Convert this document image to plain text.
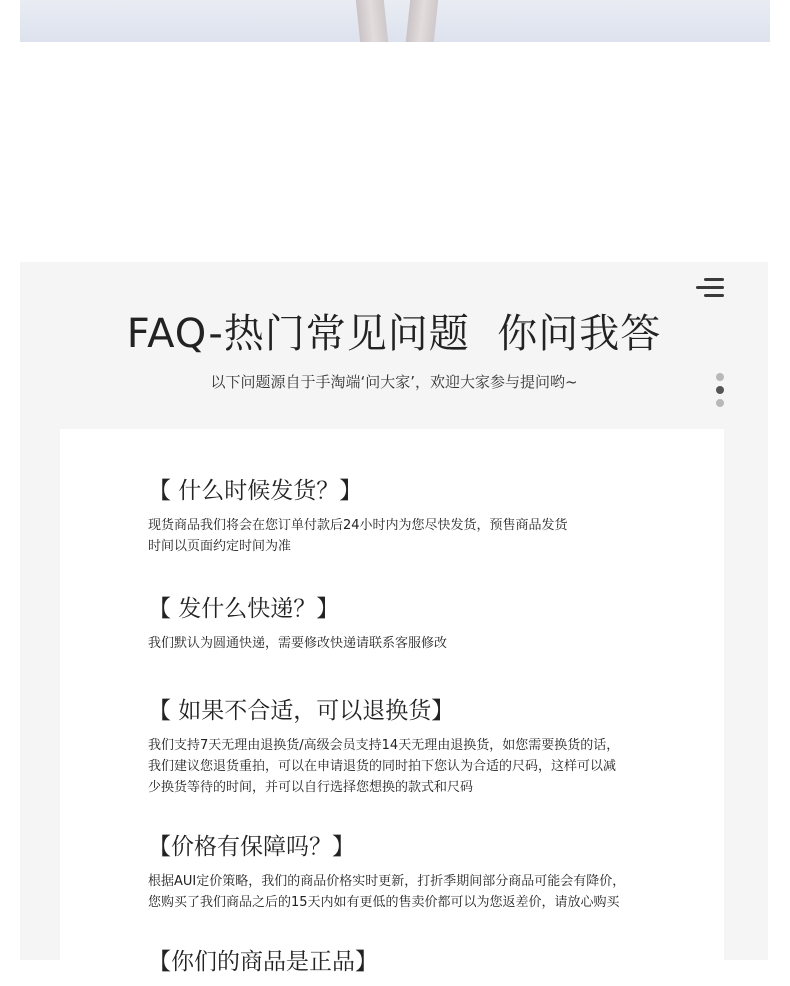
FAQ-热门常见问题  你问我答
以下问题源自于手淘端‘问大家’，欢迎大家参与提问哟~
【 什么时候发货？】

现货商品我们将会在您订单付款后24小时内为您尽快发货，预售商品发货
时间以页面约定时间为准

【 发什么快递？】

我们默认为圆通快递，需要修改快递请联系客服修改

【 如果不合适，可以退换货】

我们支持7天无理由退换货/高级会员支持14天无理由退换货，如您需要换货的话，
我们建议您退货重拍，可以在申请退货的同时拍下您认为合适的尺码，这样可以减
少换货等待的时间，并可以自行选择您想换的款式和尺码

【价格有保障吗？】

根据AUI定价策略，我们的商品价格实时更新，打折季期间部分商品可能会有降价，
您购买了我们商品之后的15天内如有更低的售卖价都可以为您返差价，请放心购买

【你们的商品是正品】
